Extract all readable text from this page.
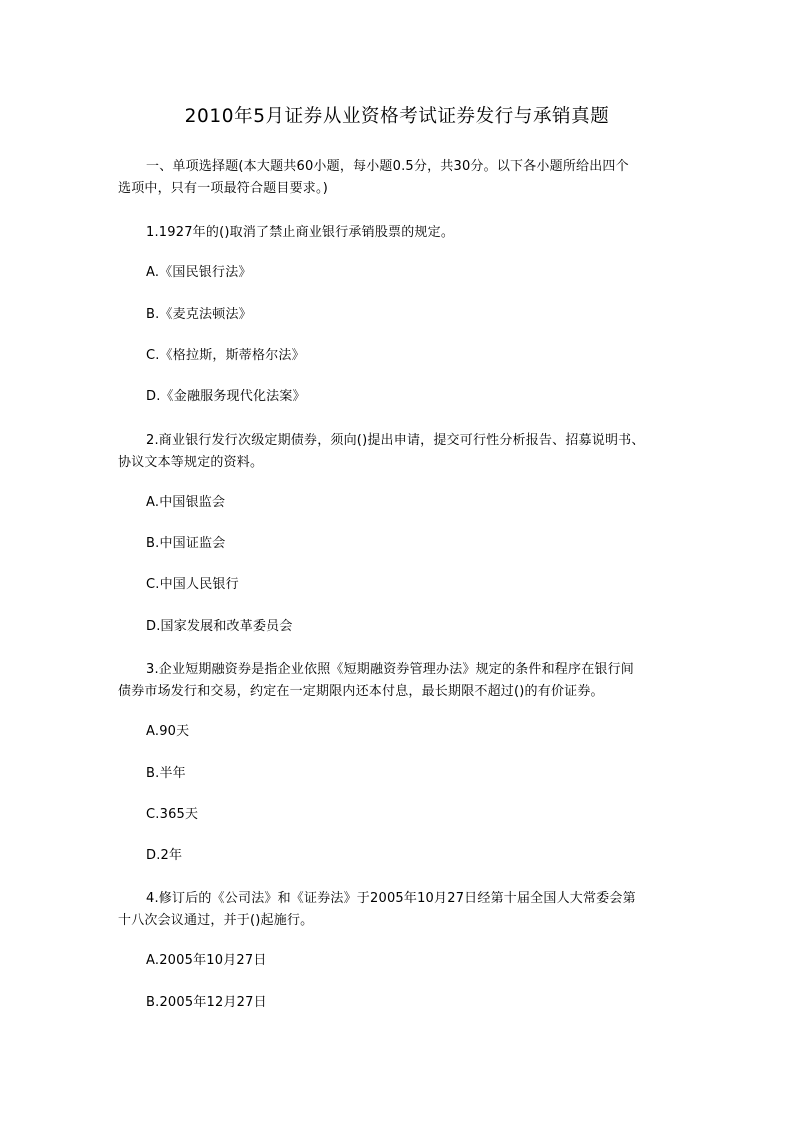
2010年5月证券从业资格考试证券发行与承销真题
一、单项选择题(本大题共60小题，每小题0.5分，共30分。以下各小题所给出四个
选项中，只有一项最符合题目要求。)
1.1927年的()取消了禁止商业银行承销股票的规定。
A.《国民银行法》
B.《麦克法顿法》
C.《格拉斯，斯蒂格尔法》
D.《金融服务现代化法案》
2.商业银行发行次级定期债券，须向()提出申请，提交可行性分析报告、招募说明书、
协议文本等规定的资料。
A.中国银监会
B.中国证监会
C.中国人民银行
D.国家发展和改革委员会
3.企业短期融资券是指企业依照《短期融资券管理办法》规定的条件和程序在银行间
债券市场发行和交易，约定在一定期限内还本付息，最长期限不超过()的有价证券。
A.90天
B.半年
C.365天
D.2年
4.修订后的《公司法》和《证券法》于2005年10月27日经第十届全国人大常委会第
十八次会议通过，并于()起施行。
A.2005年10月27日
B.2005年12月27日
